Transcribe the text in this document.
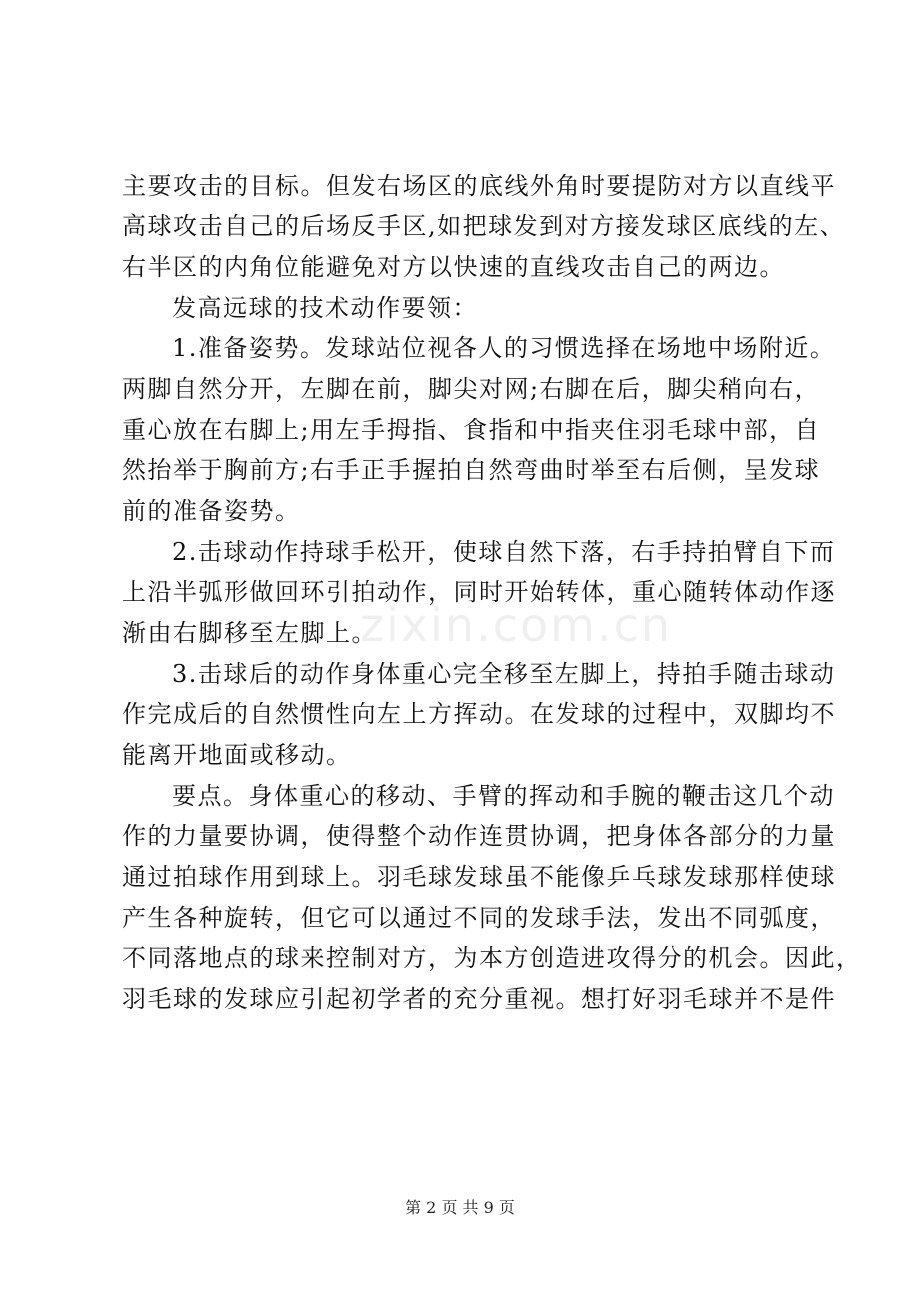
主要攻击的目标。但发右场区的底线外角时要提防对方以直线平
高球攻击自己的后场反手区,如把球发到对方接发球区底线的左、
右半区的内角位能避免对方以快速的直线攻击自己的两边。
发高远球的技术动作要领：
1.准备姿势。发球站位视各人的习惯选择在场地中场附近。
两脚自然分开，左脚在前，脚尖对网;右脚在后，脚尖稍向右，
重心放在右脚上;用左手拇指、食指和中指夹住羽毛球中部，自
然抬举于胸前方;右手正手握拍自然弯曲时举至右后侧，呈发球
前的准备姿势。
2.击球动作持球手松开，使球自然下落，右手持拍臂自下而
上沿半弧形做回环引拍动作，同时开始转体，重心随转体动作逐
渐由右脚移至左脚上。
3.击球后的动作身体重心完全移至左脚上，持拍手随击球动
作完成后的自然惯性向左上方挥动。在发球的过程中，双脚均不
能离开地面或移动。
要点。身体重心的移动、手臂的挥动和手腕的鞭击这几个动
作的力量要协调，使得整个动作连贯协调，把身体各部分的力量
通过拍球作用到球上。羽毛球发球虽不能像乒乓球发球那样使球
产生各种旋转，但它可以通过不同的发球手法，发出不同弧度，
不同落地点的球来控制对方，为本方创造进攻得分的机会。因此，
羽毛球的发球应引起初学者的充分重视。想打好羽毛球并不是件
zixin.com.cn
第 2 页 共 9 页
